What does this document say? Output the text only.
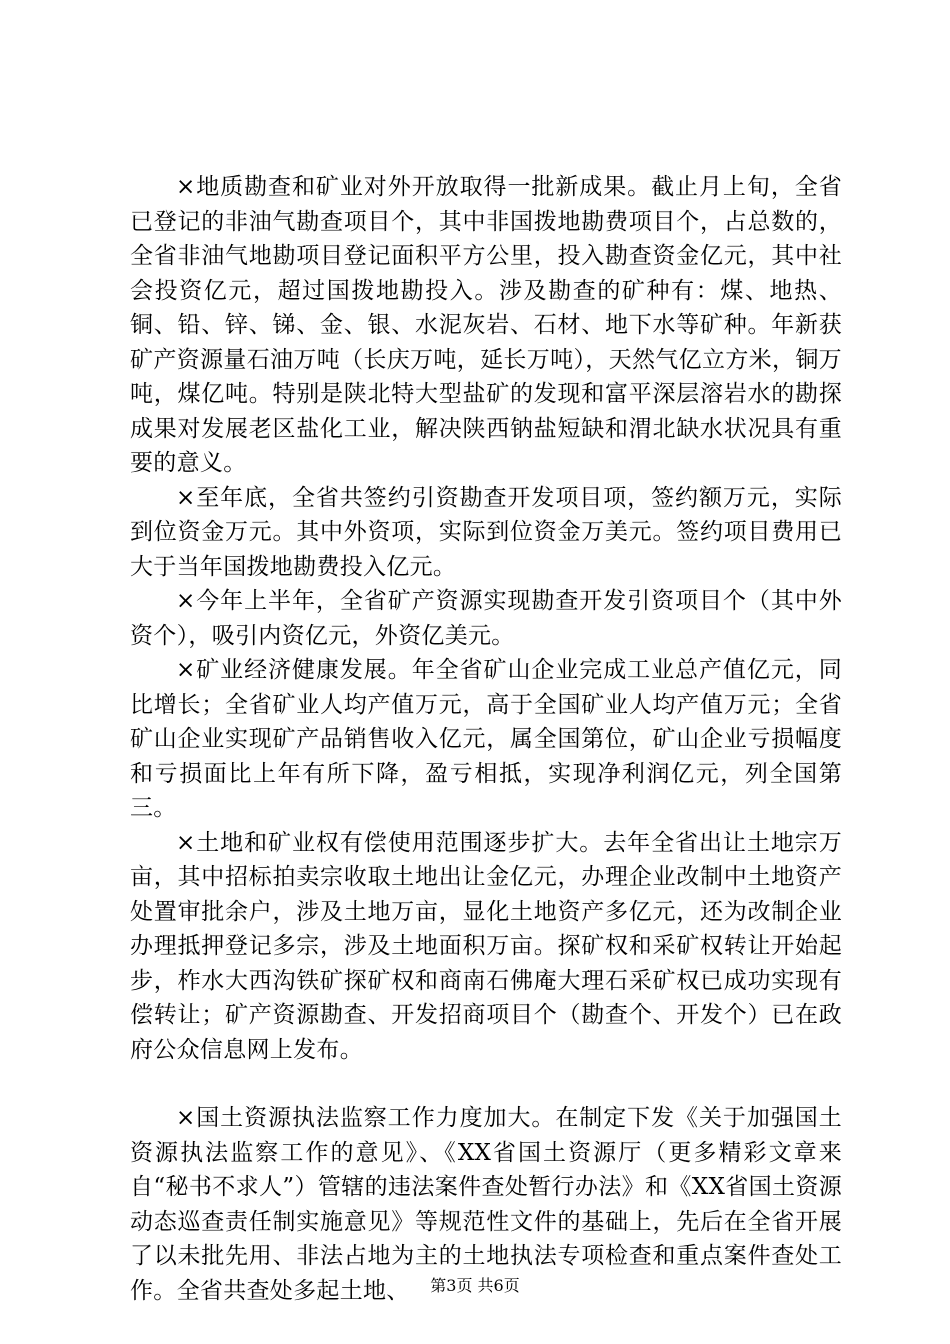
×地质勘查和矿业对外开放取得一批新成果。截止月上旬，全省已登记的非油气勘查项目个，其中非国拨地勘费项目个，占总数的，全省非油气地勘项目登记面积平方公里，投入勘查资金亿元，其中社会投资亿元，超过国拨地勘投入。涉及勘查的矿种有：煤、地热、铜、铅、锌、锑、金、银、水泥灰岩、石材、地下水等矿种。年新获矿产资源量石油万吨（长庆万吨，延长万吨），天然气亿立方米，铜万吨，煤亿吨。特别是陕北特大型盐矿的发现和富平深层溶岩水的勘探成果对发展老区盐化工业，解决陕西钠盐短缺和渭北缺水状况具有重要的意义。

×至年底，全省共签约引资勘查开发项目项，签约额万元，实际到位资金万元。其中外资项，实际到位资金万美元。签约项目费用已大于当年国拨地勘费投入亿元。

×今年上半年，全省矿产资源实现勘查开发引资项目个（其中外资个），吸引内资亿元，外资亿美元。

×矿业经济健康发展。年全省矿山企业完成工业总产值亿元，同比增长；全省矿业人均产值万元，高于全国矿业人均产值万元；全省矿山企业实现矿产品销售收入亿元，属全国第位，矿山企业亏损幅度和亏损面比上年有所下降，盈亏相抵，实现净利润亿元，列全国第三。

×土地和矿业权有偿使用范围逐步扩大。去年全省出让土地宗万亩，其中招标拍卖宗收取土地出让金亿元，办理企业改制中土地资产处置审批余户，涉及土地万亩，显化土地资产多亿元，还为改制企业办理抵押登记多宗，涉及土地面积万亩。探矿权和采矿权转让开始起步，柞水大西沟铁矿探矿权和商南石佛庵大理石采矿权已成功实现有偿转让；矿产资源勘查、开发招商项目个（勘查个、开发个）已在政府公众信息网上发布。

×国土资源执法监察工作力度加大。在制定下发《关于加强国土资源执法监察工作的意见》、《XX省国土资源厅（更多精彩文章来自“秘书不求人”）管辖的违法案件查处暂行办法》和《XX省国土资源动态巡查责任制实施意见》等规范性文件的基础上，先后在全省开展了以未批先用、非法占地为主的土地执法专项检查和重点案件查处工作。全省共查处多起土地、	第3页 共6页
